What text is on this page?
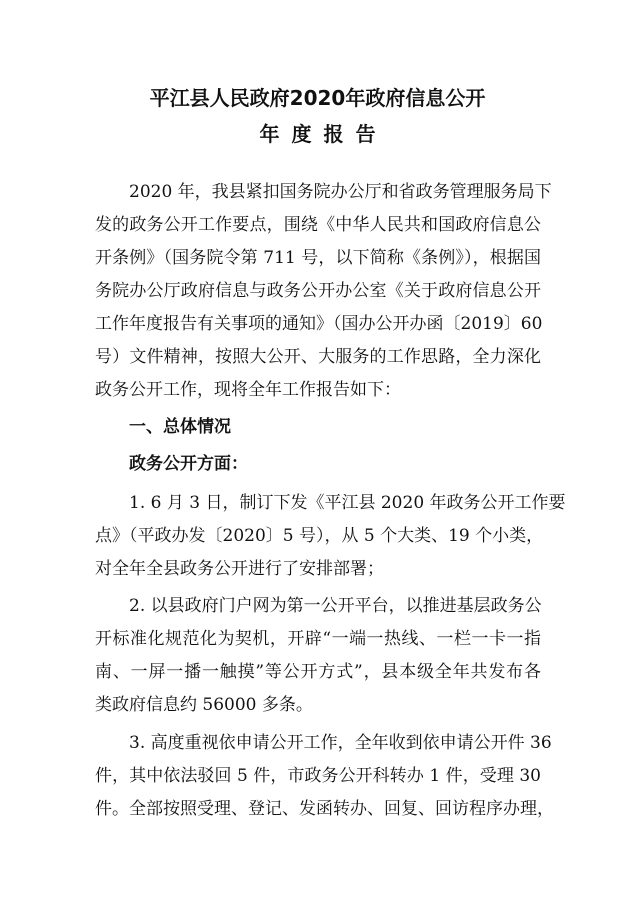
平江县人民政府2020年政府信息公开
年度报告
　　2020 年，我县紧扣国务院办公厅和省政务管理服务局下
发的政务公开工作要点，围绕《中华人民共和国政府信息公
开条例》（国务院令第 711 号，以下简称《条例》），根据国
务院办公厅政府信息与政务公开办公室《关于政府信息公开
工作年度报告有关事项的通知》（国办公开办函〔2019〕60
号）文件精神，按照大公开、大服务的工作思路，全力深化
政务公开工作，现将全年工作报告如下：
一、总体情况
政务公开方面：
　　1. 6 月 3 日，制订下发《平江县 2020 年政务公开工作要
点》（平政办发〔2020〕5 号），从 5 个大类、19 个小类，
对全年全县政务公开进行了安排部署；
　　2. 以县政府门户网为第一公开平台，以推进基层政务公
开标准化规范化为契机，开辟“一端一热线、一栏一卡一指
南、一屏一播一触摸”等公开方式”，县本级全年共发布各
类政府信息约 56000 多条。
　　3. 高度重视依申请公开工作，全年收到依申请公开件 36
件，其中依法驳回 5 件，市政务公开科转办 1 件，受理 30
件。全部按照受理、登记、发函转办、回复、回访程序办理，
